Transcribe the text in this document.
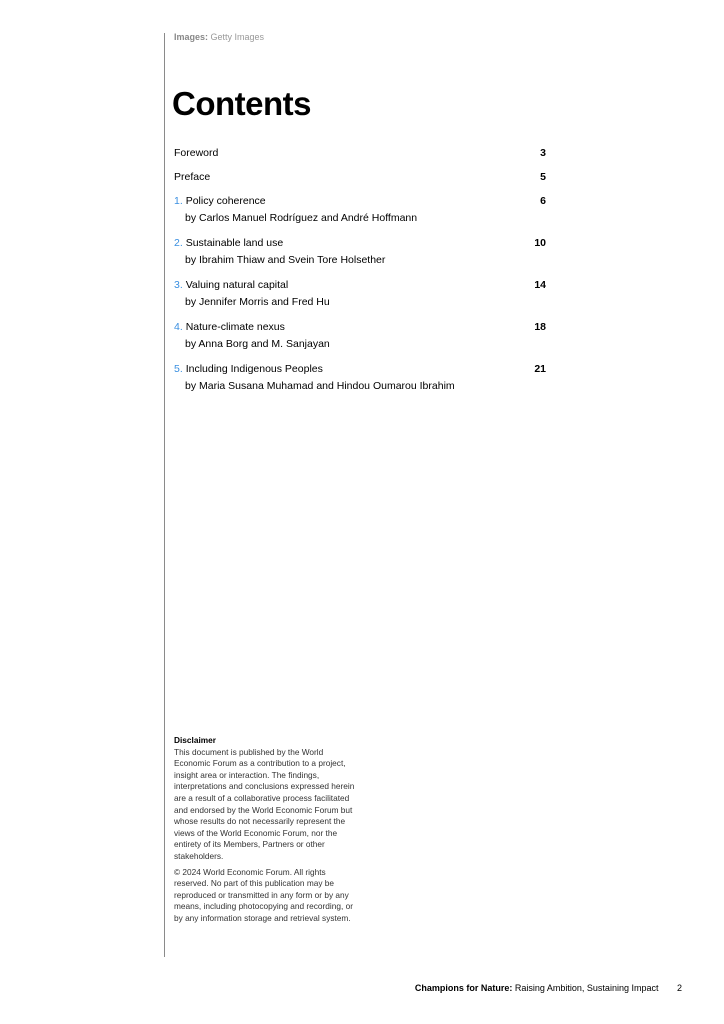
Images: Getty Images
Contents
Foreword	3
Preface	5
1. Policy coherence	6
by Carlos Manuel Rodríguez and André Hoffmann
2. Sustainable land use	10
by Ibrahim Thiaw and Svein Tore Holsether
3. Valuing natural capital	14
by Jennifer Morris and Fred Hu
4. Nature-climate nexus	18
by Anna Borg and M. Sanjayan
5. Including Indigenous Peoples	21
by Maria Susana Muhamad and Hindou Oumarou Ibrahim

Disclaimer

This document is published by the World Economic Forum as a contribution to a project, insight area or interaction. The findings, interpretations and conclusions expressed herein are a result of a collaborative process facilitated and endorsed by the World Economic Forum but whose results do not necessarily represent the views of the World Economic Forum, nor the entirety of its Members, Partners or other stakeholders.

© 2024 World Economic Forum. All rights reserved. No part of this publication may be reproduced or transmitted in any form or by any means, including photocopying and recording, or by any information storage and retrieval system.

Champions for Nature: Raising Ambition, Sustaining Impact 2
